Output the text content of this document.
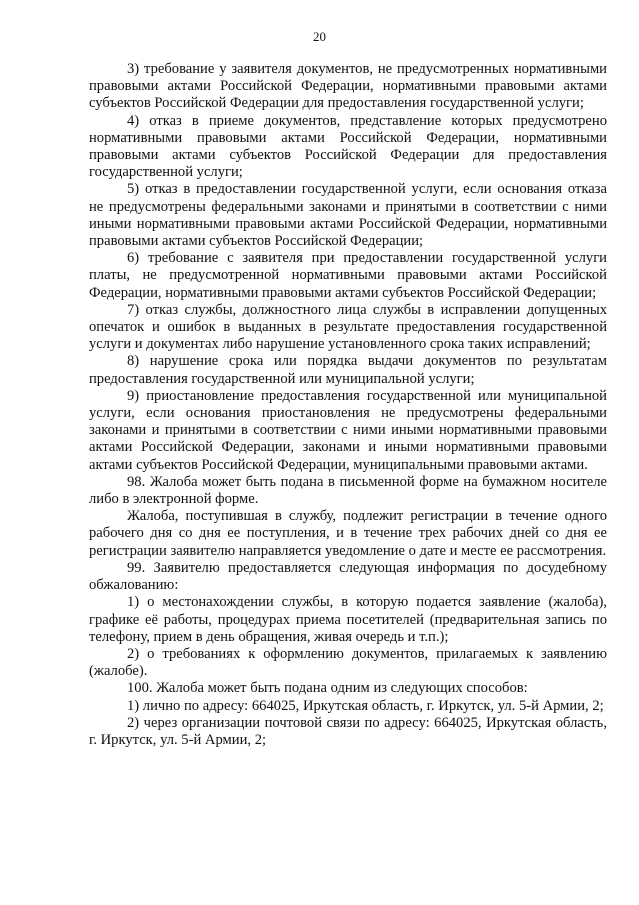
20

3) требование у заявителя документов, не предусмотренных нормативными правовыми актами Российской Федерации, нормативными правовыми актами субъектов Российской Федерации для предоставления государственной услуги;

4) отказ в приеме документов, представление которых предусмотрено нормативными правовыми актами Российской Федерации, нормативными правовыми актами субъектов Российской Федерации для предоставления государственной услуги;

5) отказ в предоставлении государственной услуги, если основания отказа не предусмотрены федеральными законами и принятыми в соответствии с ними иными нормативными правовыми актами Российской Федерации, нормативными правовыми актами субъектов Российской Федерации;

6) требование с заявителя при предоставлении государственной услуги платы, не предусмотренной нормативными правовыми актами Российской Федерации, нормативными правовыми актами субъектов Российской Федерации;

7) отказ службы, должностного лица службы в исправлении допущенных опечаток и ошибок в выданных в результате предоставления государственной услуги и документах либо нарушение установленного срока таких исправлений;

8) нарушение срока или порядка выдачи документов по результатам предоставления государственной или муниципальной услуги;

9) приостановление предоставления государственной или муниципальной услуги, если основания приостановления не предусмотрены федеральными законами и принятыми в соответствии с ними иными нормативными правовыми актами Российской Федерации, законами и иными нормативными правовыми актами субъектов Российской Федерации, муниципальными правовыми актами.

98. Жалоба может быть подана в письменной форме на бумажном носителе либо в электронной форме.

Жалоба, поступившая в службу, подлежит регистрации в течение одного рабочего дня со дня ее поступления, и в течение трех рабочих дней со дня ее регистрации заявителю направляется уведомление о дате и месте ее рассмотрения.

99. Заявителю предоставляется следующая информация по досудебному обжалованию:

1) о местонахождении службы, в которую подается заявление (жалоба), графике её работы, процедурах приема посетителей (предварительная запись по телефону, прием в день обращения, живая очередь и т.п.);

2) о требованиях к оформлению документов, прилагаемых к заявлению (жалобе).

100. Жалоба может быть подана одним из следующих способов:

1) лично по адресу: 664025, Иркутская область, г. Иркутск, ул. 5-й Армии, 2;

2) через организации почтовой связи по адресу: 664025, Иркутская область, г. Иркутск, ул. 5-й Армии, 2;
